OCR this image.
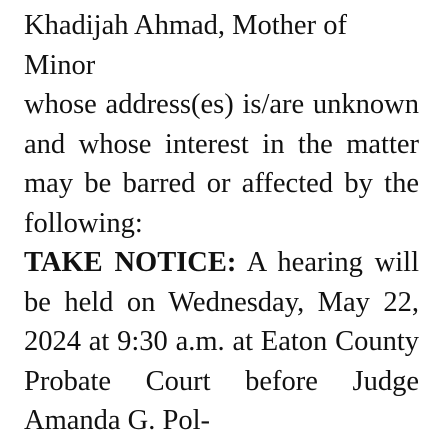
Khadijah Ahmad, Mother of Minor

whose address(es) is/are unknown and whose interest in the matter may be barred or affected by the following:

TAKE NOTICE: A hearing will be held on Wednesday, May 22, 2024 at 9:30 a.m. at Eaton County Probate Court before Judge Amanda G. Pol-
